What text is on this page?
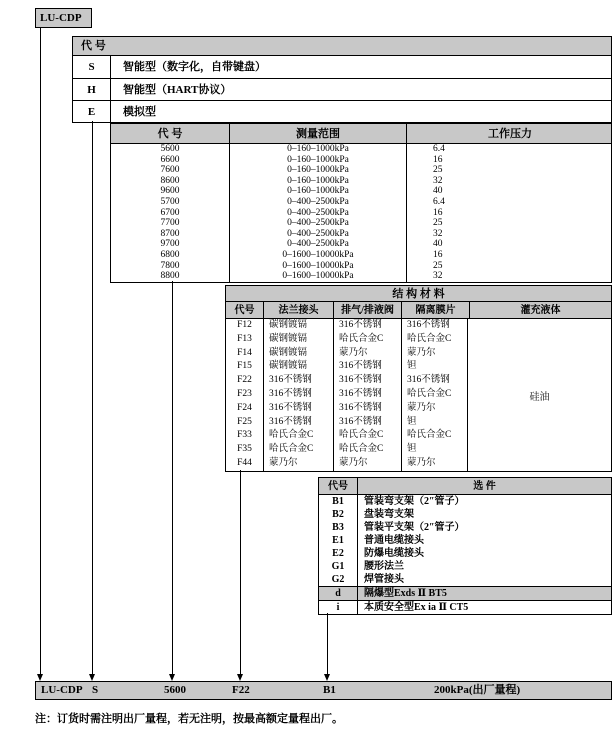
LU-CDP
代 号
S	智能型（数字化，自带键盘）
H	智能型（HART协议）
E	模拟型
代 号	测量范围	工作压力
5600	0–160–1000kPa	6.4
6600	0–160–1000kPa	16
7600	0–160–1000kPa	25
8600	0–160–1000kPa	32
9600	0–160–1000kPa	40
5700	0–400–2500kPa	6.4
6700	0–400–2500kPa	16
7700	0–400–2500kPa	25
8700	0–400–2500kPa	32
9700	0–400–2500kPa	40
6800	0–1600–10000kPa	16
7800	0–1600–10000kPa	25
8800	0–1600–10000kPa	32
结 构 材 料
代号	法兰接头	排气/排液阀	隔离膜片	灌充液体
F12	碳钢镀镉	316不锈钢	316不锈钢
F13	碳钢镀镉	哈氏合金C	哈氏合金C
F14	碳钢镀镉	蒙乃尔	蒙乃尔
F15	碳钢镀镉	316不锈钢	钽
F22	316不锈钢	316不锈钢	316不锈钢
F23	316不锈钢	316不锈钢	哈氏合金C
F24	316不锈钢	316不锈钢	蒙乃尔
F25	316不锈钢	316不锈钢	钽
F33	哈氏合金C	哈氏合金C	哈氏合金C
F35	哈氏合金C	哈氏合金C	钽
F44	蒙乃尔	蒙乃尔	蒙乃尔
硅油
代号	选 件
B1	管装弯支架（2″管子）
B2	盘装弯支架
B3	管装平支架（2″管子）
E1	普通电缆接头
E2	防爆电缆接头
G1	腰形法兰
G2	焊管接头
d	隔爆型Exds Ⅱ BT5
i	本质安全型Ex ia Ⅱ CT5
LU-CDP S	5600	F22	B1	200kPa(出厂量程)
注：订货时需注明出厂量程，若无注明，按最高额定量程出厂。
